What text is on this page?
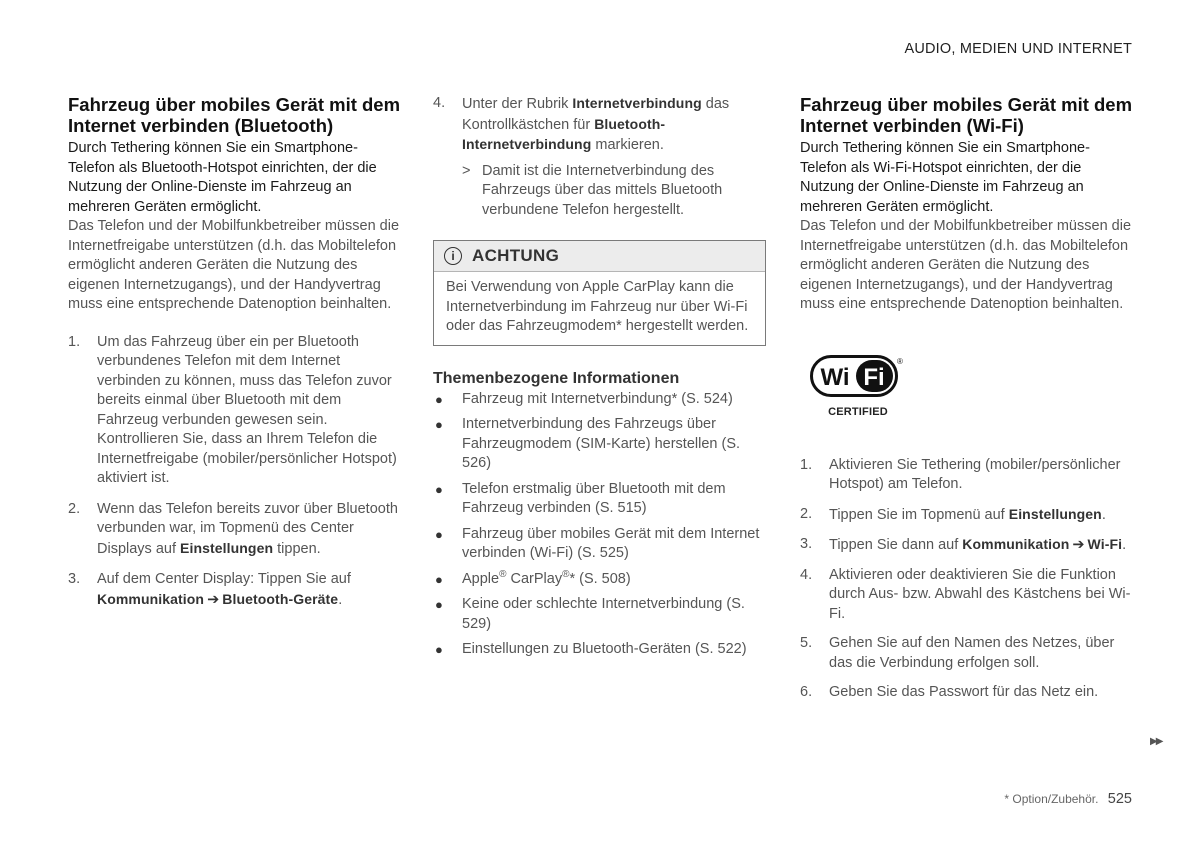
AUDIO, MEDIEN UND INTERNET
Fahrzeug über mobiles Gerät mit dem Internet verbinden (Bluetooth)

Durch Tethering können Sie ein Smartphone-Telefon als Bluetooth-Hotspot einrichten, der die Nutzung der Online-Dienste im Fahrzeug an mehreren Geräten ermöglicht.

Das Telefon und der Mobilfunkbetreiber müssen die Internetfreigabe unterstützen (d.h. das Mobiltelefon ermöglicht anderen Geräten die Nutzung des eigenen Internetzugangs), und der Handyvertrag muss eine entsprechende Datenoption beinhalten.

1. Um das Fahrzeug über ein per Bluetooth verbundenes Telefon mit dem Internet verbinden zu können, muss das Telefon zuvor bereits einmal über Bluetooth mit dem Fahrzeug verbunden gewesen sein. Kontrollieren Sie, dass an Ihrem Telefon die Internetfreigabe (mobiler/persönlicher Hotspot) aktiviert ist.
2. Wenn das Telefon bereits zuvor über Bluetooth verbunden war, im Topmenü des Center Displays auf Einstellungen tippen.
3. Auf dem Center Display: Tippen Sie auf
Kommunikation ➔ Bluetooth-Geräte.
4. Unter der Rubrik Internetverbindung das Kontrollkästchen für Bluetooth-Internetverbindung markieren.
> Damit ist die Internetverbindung des Fahrzeugs über das mittels Bluetooth verbundene Telefon hergestellt.
i	ACHTUNG
Bei Verwendung von Apple CarPlay kann die Internetverbindung im Fahrzeug nur über Wi-Fi oder das Fahrzeugmodem* hergestellt werden.
Themenbezogene Informationen
● Fahrzeug mit Internetverbindung* (S. 524)
● Internetverbindung des Fahrzeugs über Fahrzeugmodem (SIM-Karte) herstellen (S. 526)
● Telefon erstmalig über Bluetooth mit dem Fahrzeug verbinden (S. 515)
● Fahrzeug über mobiles Gerät mit dem Internet verbinden (Wi-Fi) (S. 525)
● Apple® CarPlay®* (S. 508)
● Keine oder schlechte Internetverbindung (S. 529)
● Einstellungen zu Bluetooth-Geräten (S. 522)
Fahrzeug über mobiles Gerät mit dem Internet verbinden (Wi-Fi)

Durch Tethering können Sie ein Smartphone-Telefon als Wi-Fi-Hotspot einrichten, der die Nutzung der Online-Dienste im Fahrzeug an mehreren Geräten ermöglicht.

Das Telefon und der Mobilfunkbetreiber müssen die Internetfreigabe unterstützen (d.h. das Mobiltelefon ermöglicht anderen Geräten die Nutzung des eigenen Internetzugangs), und der Handyvertrag muss eine entsprechende Datenoption beinhalten.

Wi Fi
®
CERTIFIED
1. Aktivieren Sie Tethering (mobiler/persönlicher Hotspot) am Telefon.
2. Tippen Sie im Topmenü auf Einstellungen.
3. Tippen Sie dann auf Kommunikation ➔ Wi-Fi.
4. Aktivieren oder deaktivieren Sie die Funktion durch Aus- bzw. Abwahl des Kästchens bei Wi-Fi.
5. Gehen Sie auf den Namen des Netzes, über das die Verbindung erfolgen soll.
6. Geben Sie das Passwort für das Netz ein.
▶▶
* Option/Zubehör. 525
